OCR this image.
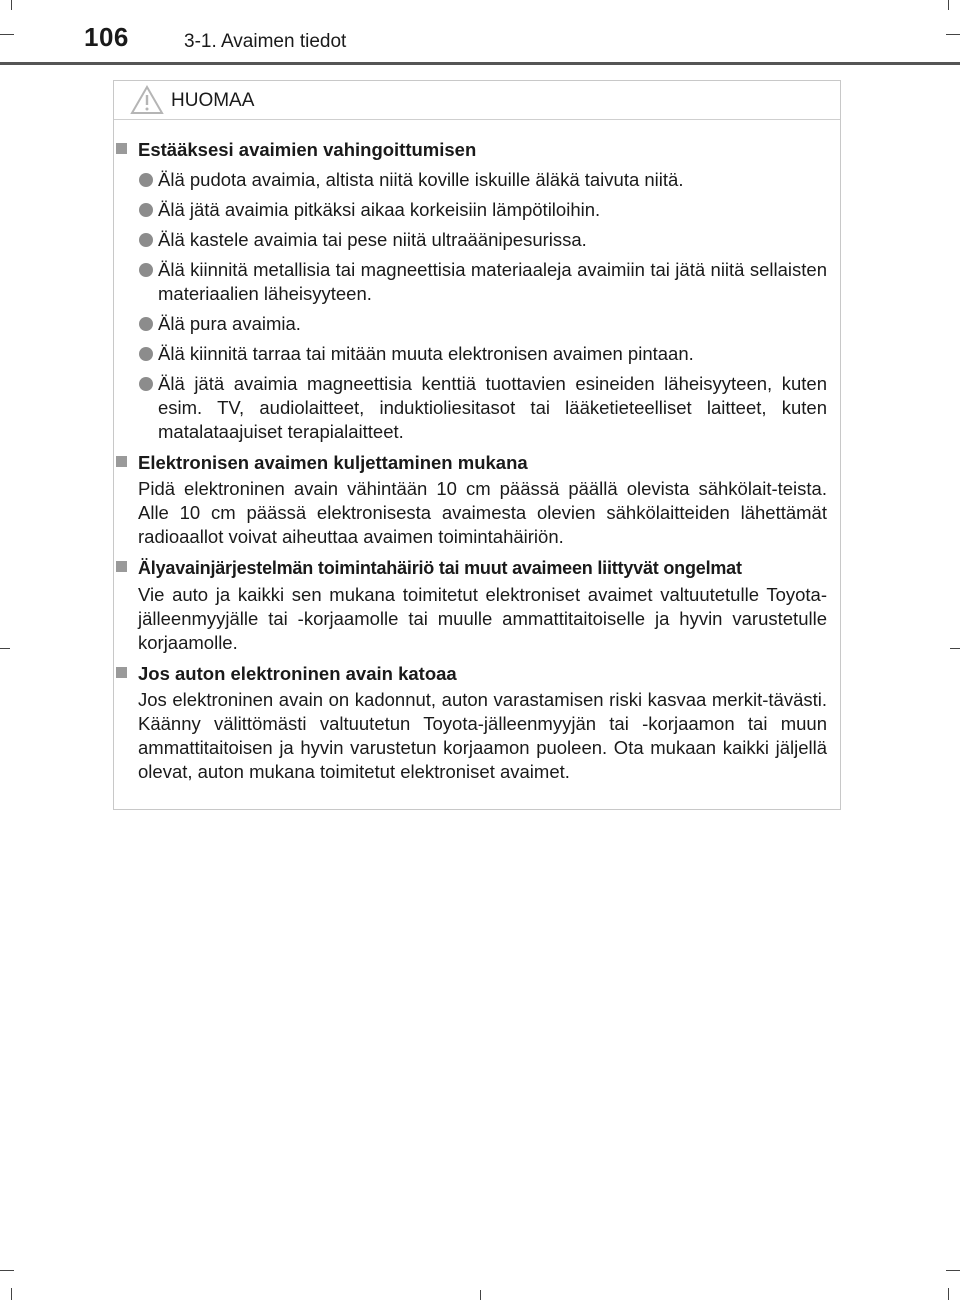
106	3-1. Avaimen tiedot
HUOMAA
Estääksesi avaimien vahingoittumisen
Älä pudota avaimia, altista niitä koville iskuille äläkä taivuta niitä.
Älä jätä avaimia pitkäksi aikaa korkeisiin lämpötiloihin.
Älä kastele avaimia tai pese niitä ultraäänipesurissa.
Älä kiinnitä metallisia tai magneettisia materiaaleja avaimiin tai jätä niitä sellaisten materiaalien läheisyyteen.
Älä pura avaimia.
Älä kiinnitä tarraa tai mitään muuta elektronisen avaimen pintaan.
Älä jätä avaimia magneettisia kenttiä tuottavien esineiden läheisyyteen, kuten esim. TV, audiolaitteet, induktioliesitasot tai lääketieteelliset laitteet, kuten matalataajuiset terapialaitteet.
Elektronisen avaimen kuljettaminen mukana
Pidä elektroninen avain vähintään 10 cm päässä päällä olevista sähkölait-teista. Alle 10 cm päässä elektronisesta avaimesta olevien sähkölaitteiden lähettämät radioaallot voivat aiheuttaa avaimen toimintahäiriön.
Älyavainjärjestelmän toimintahäiriö tai muut avaimeen liittyvät ongelmat
Vie auto ja kaikki sen mukana toimitetut elektroniset avaimet valtuutetulle Toyota-jälleenmyyjälle tai -korjaamolle tai muulle ammattitaitoiselle ja hyvin varustetulle korjaamolle.
Jos auton elektroninen avain katoaa
Jos elektroninen avain on kadonnut, auton varastamisen riski kasvaa merkit-tävästi. Käänny välittömästi valtuutetun Toyota-jälleenmyyjän tai -korjaamon tai muun ammattitaitoisen ja hyvin varustetun korjaamon puoleen. Ota mukaan kaikki jäljellä olevat, auton mukana toimitetut elektroniset avaimet.
